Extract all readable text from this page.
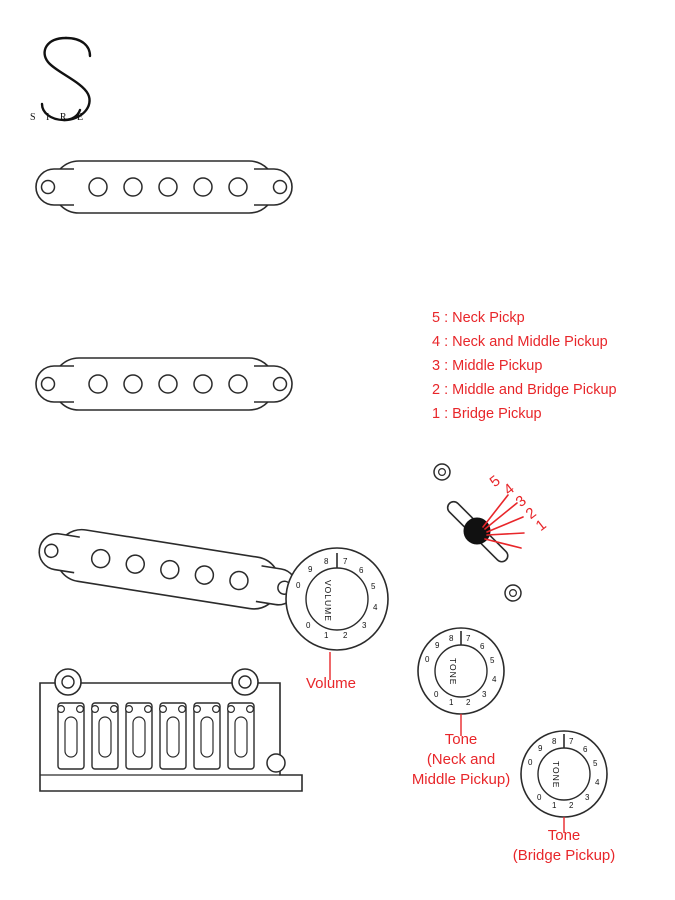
S I R E
5 : Neck Pickp
4 : Neck and Middle Pickup
3 : Middle Pickup
2 : Middle and Bridge Pickup
1 : Bridge Pickup
5
4
3
2
1
0
9
8 7
6
5
4
3
2
1
0
VOLUME
Volume
0
9
8 7
6
5
4
3
2
1
0
TONE
Tone
(Neck and
Middle Pickup)
0
9
8 7
6
5
4
3
2
1
0
TONE
Tone
(Bridge Pickup)
